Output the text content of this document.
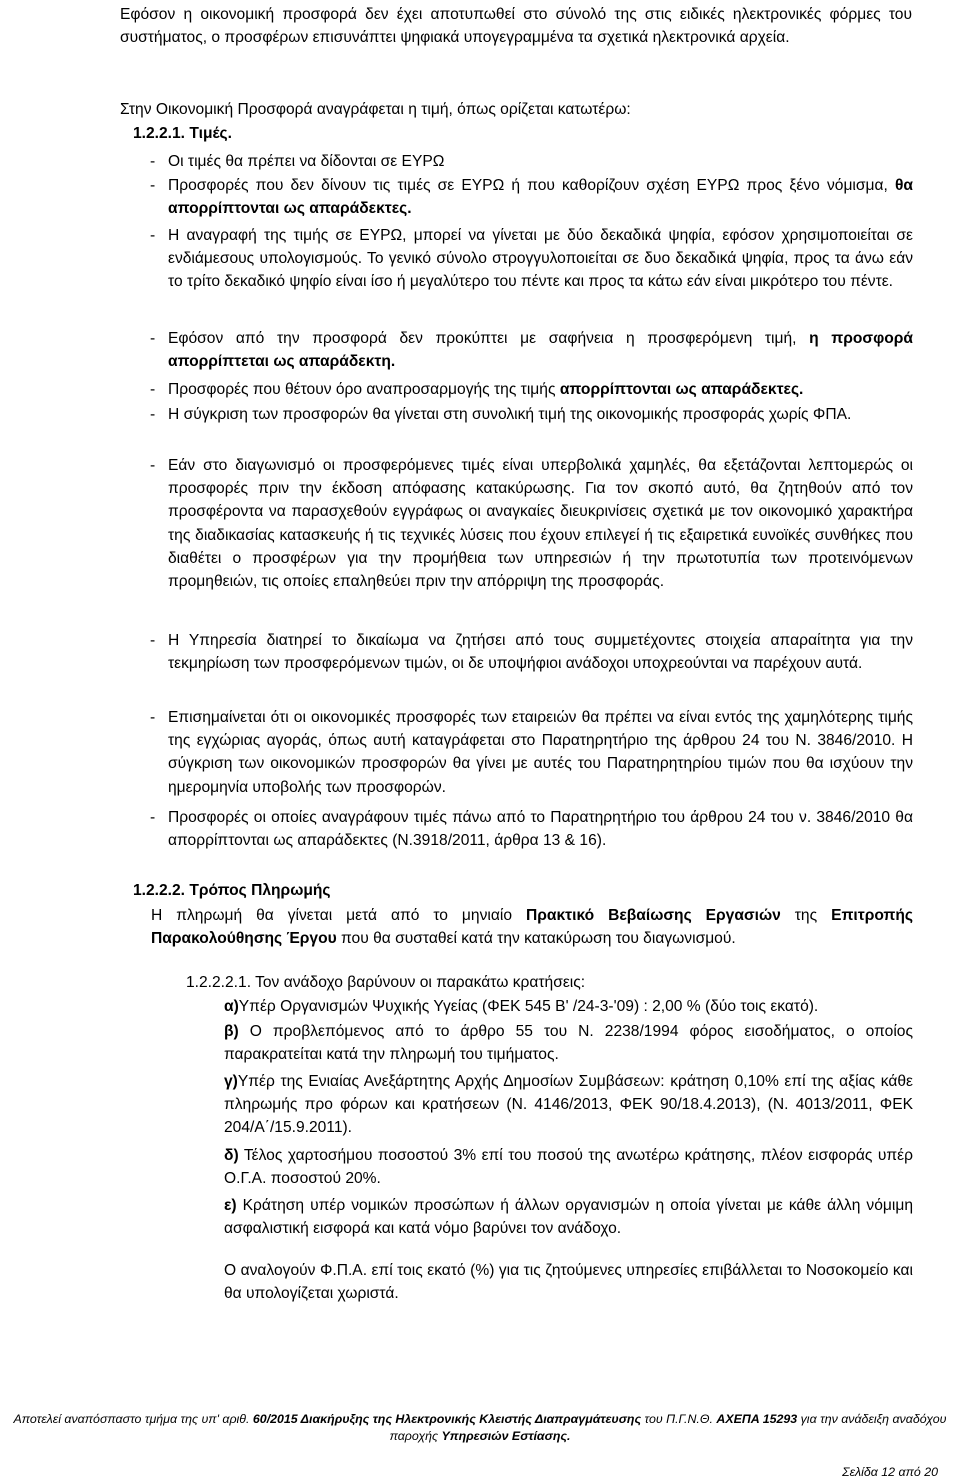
Εφόσον η οικονομική προσφορά δεν έχει αποτυπωθεί στο σύνολό της στις ειδικές ηλεκτρονικές φόρμες του συστήματος, ο προσφέρων επισυνάπτει ψηφιακά υπογεγραμμένα τα σχετικά ηλεκτρονικά αρχεία.

Στην Οικονομική Προσφορά αναγράφεται η τιμή, όπως ορίζεται κατωτέρω:

1.2.2.1. Τιμές.

- Οι τιμές θα πρέπει να δίδονται σε ΕΥΡΩ

- Προσφορές που δεν δίνουν τις τιμές σε ΕΥΡΩ ή που καθορίζουν σχέση ΕΥΡΩ προς ξένο νόμισμα, θα απορρίπτονται ως απαράδεκτες.

- Η αναγραφή της τιμής σε ΕΥΡΩ, μπορεί να γίνεται με δύο δεκαδικά ψηφία, εφόσον χρησιμοποιείται σε ενδιάμεσους υπολογισμούς. Το γενικό σύνολο στρογγυλοποιείται σε δυο δεκαδικά ψηφία, προς τα άνω εάν το τρίτο δεκαδικό ψηφίο είναι ίσο ή μεγαλύτερο του πέντε και προς τα κάτω εάν είναι μικρότερο του πέντε.

- Εφόσον από την προσφορά δεν προκύπτει με σαφήνεια η προσφερόμενη τιμή, η προσφορά απορρίπτεται ως απαράδεκτη.

- Προσφορές που θέτουν όρο αναπροσαρμογής της τιμής απορρίπτονται ως απαράδεκτες.

- Η σύγκριση των προσφορών θα γίνεται στη συνολική τιμή της οικονομικής προσφοράς χωρίς ΦΠΑ.

- Εάν στο διαγωνισμό οι προσφερόμενες τιμές είναι υπερβολικά χαμηλές, θα εξετάζονται λεπτομερώς οι προσφορές πριν την έκδοση απόφασης κατακύρωσης. Για τον σκοπό αυτό, θα ζητηθούν από τον προσφέροντα να παρασχεθούν εγγράφως οι αναγκαίες διευκρινίσεις σχετικά με τον οικονομικό χαρακτήρα της διαδικασίας κατασκευής ή τις τεχνικές λύσεις που έχουν επιλεγεί ή τις εξαιρετικά ευνοϊκές συνθήκες που διαθέτει ο προσφέρων για την προμήθεια των υπηρεσιών ή την πρωτοτυπία των προτεινόμενων προμηθειών, τις οποίες επαληθεύει πριν την απόρριψη της προσφοράς.

- Η Υπηρεσία διατηρεί το δικαίωμα να ζητήσει από τους συμμετέχοντες στοιχεία απαραίτητα για την τεκμηρίωση των προσφερόμενων τιμών, οι δε υποψήφιοι ανάδοχοι υποχρεούνται να παρέχουν αυτά.

- Επισημαίνεται ότι οι οικονομικές προσφορές των εταιρειών θα πρέπει να είναι εντός της χαμηλότερης τιμής της εγχώριας αγοράς, όπως αυτή καταγράφεται στο Παρατηρητήριο της άρθρου 24 του Ν. 3846/2010. Η σύγκριση των οικονομικών προσφορών θα γίνει με αυτές του Παρατηρητηρίου τιμών που θα ισχύουν την ημερομηνία υποβολής των προσφορών.

- Προσφορές οι οποίες αναγράφουν τιμές πάνω από το Παρατηρητήριο του άρθρου 24 του ν. 3846/2010 θα απορρίπτονται ως απαράδεκτες (Ν.3918/2011, άρθρα 13 & 16).

1.2.2.2. Τρόπος Πληρωμής

Η πληρωμή θα γίνεται μετά από το μηνιαίο Πρακτικό Βεβαίωσης Εργασιών της Επιτροπής Παρακολούθησης Έργου που θα συσταθεί κατά την κατακύρωση του διαγωνισμού.

1.2.2.2.1. Τον ανάδοχο βαρύνουν οι παρακάτω κρατήσεις:

α)Υπέρ Οργανισμών Ψυχικής Υγείας (ΦΕΚ 545 Β' /24-3-'09) : 2,00 % (δύο τοις εκατό).

β) Ο προβλεπόμενος από το άρθρο 55 του Ν. 2238/1994 φόρος εισοδήματος, ο οποίος παρακρατείται κατά την πληρωμή του τιμήματος.

γ)Υπέρ της Ενιαίας Ανεξάρτητης Αρχής Δημοσίων Συμβάσεων: κράτηση 0,10% επί της αξίας κάθε πληρωμής προ φόρων και κρατήσεων (Ν. 4146/2013, ΦΕΚ 90/18.4.2013), (Ν. 4013/2011, ΦΕΚ 204/Α΄/15.9.2011).

δ) Τέλος χαρτοσήμου ποσοστού 3% επί του ποσού της ανωτέρω κράτησης, πλέον εισφοράς υπέρ Ο.Γ.Α. ποσοστού 20%.

ε) Κράτηση υπέρ νομικών προσώπων ή άλλων οργανισμών η οποία γίνεται με κάθε άλλη νόμιμη ασφαλιστική εισφορά και κατά νόμο βαρύνει τον ανάδοχο.

Ο αναλογούν Φ.Π.Α. επί τοις εκατό (%) για τις ζητούμενες υπηρεσίες επιβάλλεται το Νοσοκομείο και θα υπολογίζεται χωριστά.

Αποτελεί αναπόσπαστο τμήμα της υπ' αριθ. 60/2015 Διακήρυξης της Ηλεκτρονικής Κλειστής Διαπραγμάτευσης του Π.Γ.Ν.Θ. ΑΧΕΠΑ 15293 για την ανάδειξη αναδόχου
παροχής Υπηρεσιών Εστίασης.
Σελίδα 12 από 20
